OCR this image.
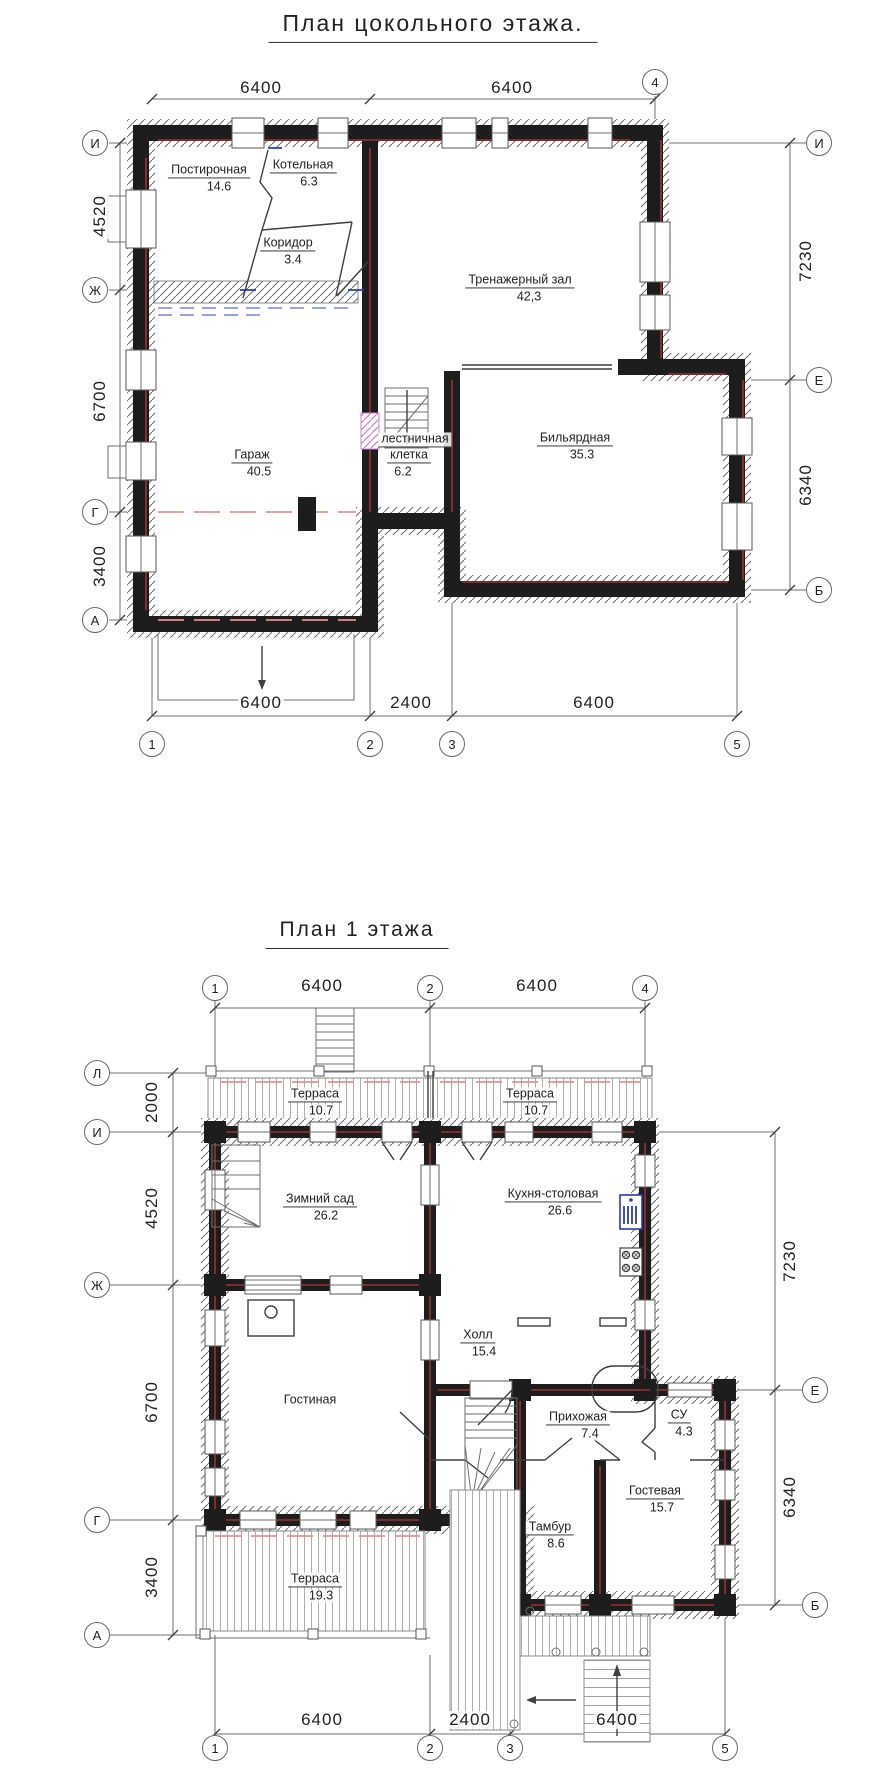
План цокольного этажа.
6400	6400
4520
6700
3400
7230
6340
6400	2400	6400
Постирочная
14.6
Котельная
6.3
Коридор
3.4
Тренажерный зал
42,3
Гараж
40.5
лестничная
клетка
6.2
Бильярдная
35.3
4
И
Ж
Г
А
И
Е
Б
1	2	3	5
План 1 этажа
6400	6400
2000
4520
6700
3400
7230
6340
6400	2400	6400
Терраса
10.7
Терраса
10.7
Зимний сад
26.2
Кухня-столовая
26.6
Холл
15.4
Гостиная
Прихожая
7.4
СУ
4.3
Гостевая
15.7
Тамбур
8.6
Терраса
19.3
1	2	4
Л
И
Ж
Г
А
Е
Б
1	2	3	5
